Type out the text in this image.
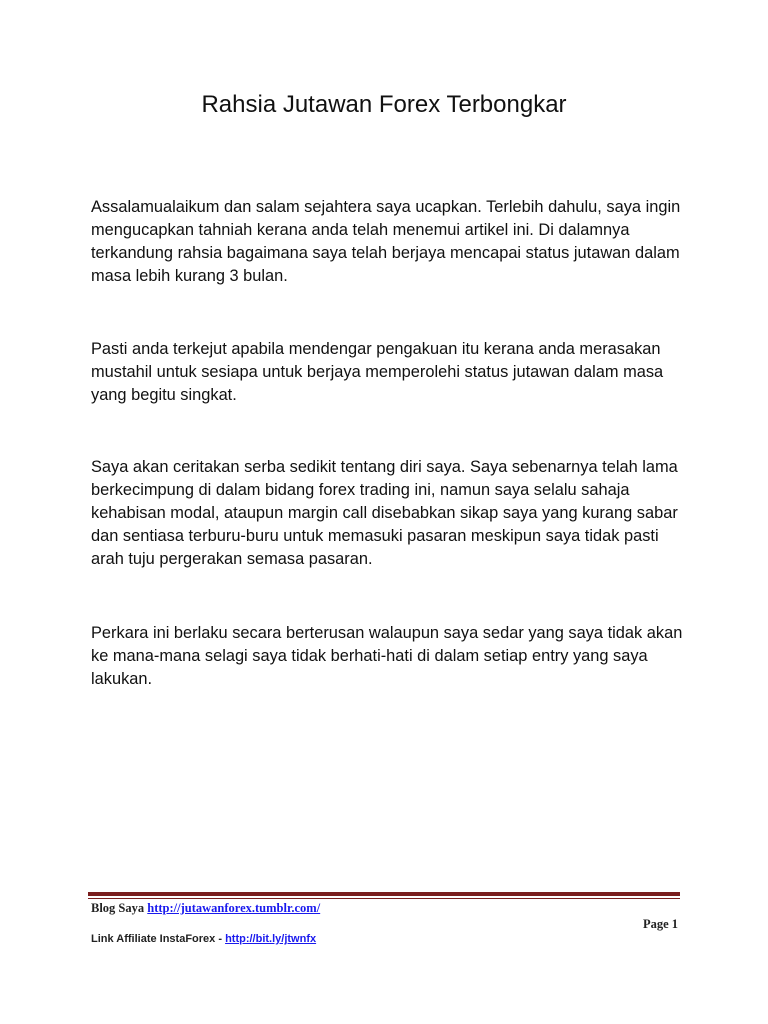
Rahsia Jutawan Forex Terbongkar

Assalamualaikum dan salam sejahtera saya ucapkan. Terlebih dahulu, saya ingin mengucapkan tahniah kerana anda telah menemui artikel ini. Di dalamnya terkandung rahsia bagaimana saya telah berjaya mencapai status jutawan dalam masa lebih kurang 3 bulan.

Pasti anda terkejut apabila mendengar pengakuan itu kerana anda merasakan mustahil untuk sesiapa untuk berjaya memperolehi status jutawan dalam masa yang begitu singkat.

Saya akan ceritakan serba sedikit tentang diri saya. Saya sebenarnya telah lama berkecimpung di dalam bidang forex trading ini, namun saya selalu sahaja kehabisan modal, ataupun margin call disebabkan sikap saya yang kurang sabar dan sentiasa terburu-buru untuk memasuki pasaran meskipun saya tidak pasti arah tuju pergerakan semasa pasaran.

Perkara ini berlaku secara berterusan walaupun saya sedar yang saya tidak akan ke mana-mana selagi saya tidak berhati-hati di dalam setiap entry yang saya lakukan.

Blog Saya http://jutawanforex.tumblr.com/
Page 1
Link Affiliate InstaForex - http://bit.ly/jtwnfx
